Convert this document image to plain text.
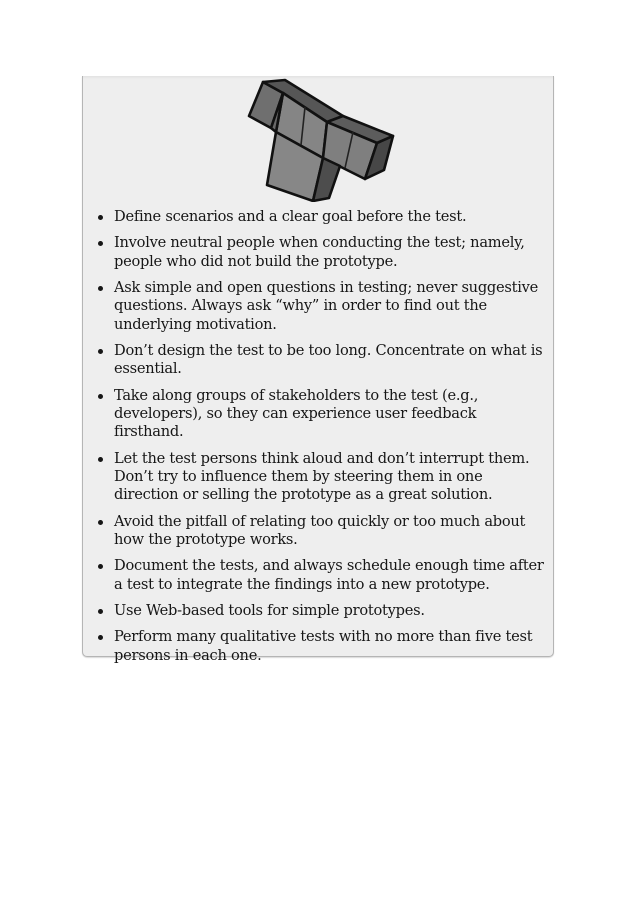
Define scenarios and a clear goal before the test.
Involve neutral people when conducting the test; namely, people who did not build the prototype.
Ask simple and open questions in testing; never suggestive questions. Always ask “why” in order to find out the underlying motivation.
Don’t design the test to be too long. Concentrate on what is essential.
Take along groups of stakeholders to the test (e.g., developers), so they can experience user feedback firsthand.
Let the test persons think aloud and don’t interrupt them. Don’t try to influence them by steering them in one direction or selling the prototype as a great solution.
Avoid the pitfall of relating too quickly or too much about how the prototype works.
Document the tests, and always schedule enough time after a test to integrate the findings into a new prototype.
Use Web-based tools for simple prototypes.
Perform many qualitative tests with no more than five test persons in each one.
